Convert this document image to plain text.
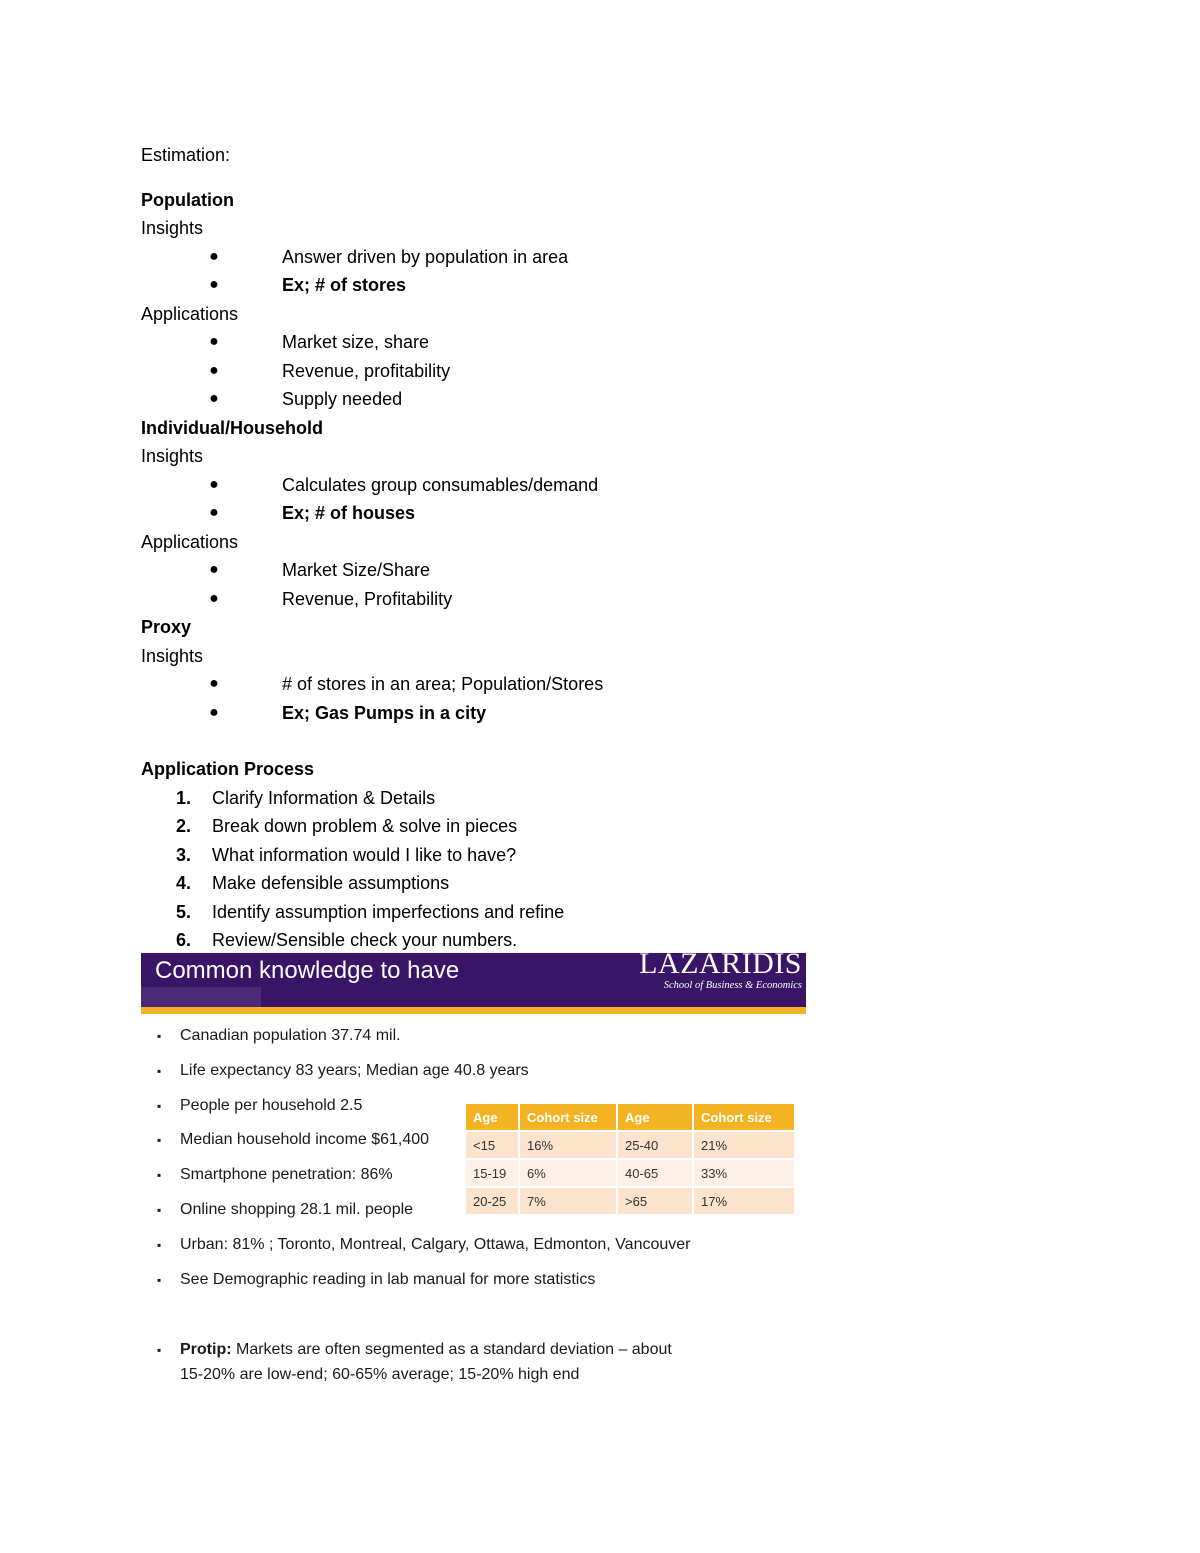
Estimation:
Population
Insights
●	Answer driven by population in area
●	Ex; # of stores
Applications
●	Market size, share
●	Revenue, profitability
●	Supply needed
Individual/Household
Insights
●	Calculates group consumables/demand
●	Ex; # of houses
Applications
●	Market Size/Share
●	Revenue, Profitability
Proxy
Insights
●	# of stores in an area; Population/Stores
●	Ex; Gas Pumps in a city
Application Process
1. Clarify Information & Details
2. Break down problem & solve in pieces
3. What information would I like to have?
4. Make defensible assumptions
5. Identify assumption imperfections and refine
6. Review/Sensible check your numbers.
Common knowledge to have	LAZARIDIS
School of Business & Economics
▪ Canadian population 37.74 mil.
▪ Life expectancy 83 years; Median age 40.8 years
▪ People per household 2.5
▪ Median household income $61,400
▪ Smartphone penetration: 86%
▪ Online shopping 28.1 mil. people
▪ Urban: 81% ; Toronto, Montreal, Calgary, Ottawa, Edmonton, Vancouver
▪ See Demographic reading in lab manual for more statistics
▪ Protip: Markets are often segmented as a standard deviation – about
15-20% are low-end; 60-65% average; 15-20% high end
Age	Cohort size	Age	Cohort size
<15	16%	25-40	21%
15-19	6%	40-65	33%
20-25	7%	>65	17%
